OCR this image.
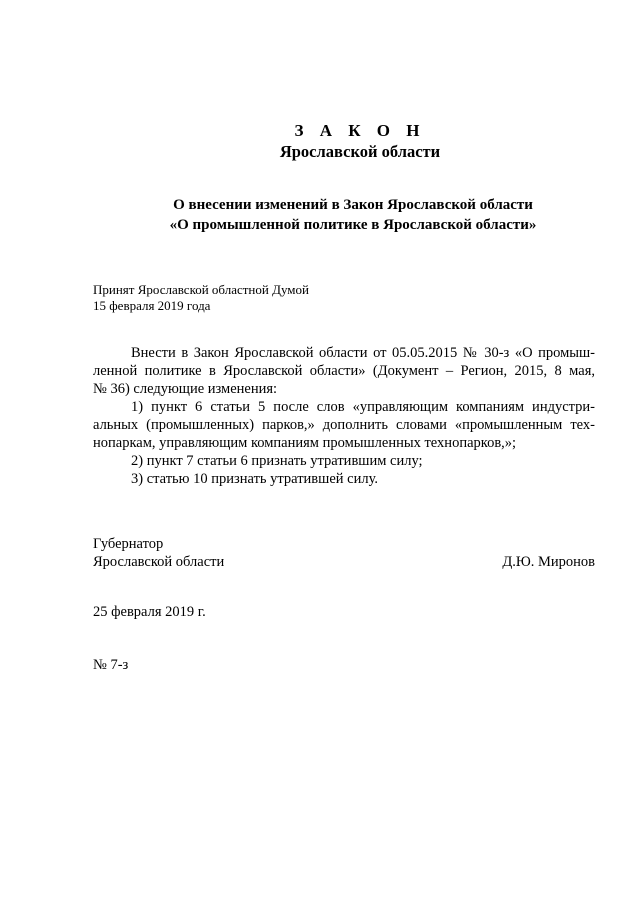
З А К О Н
Ярославской области
О внесении изменений в Закон Ярославской области
«О промышленной политике в Ярославской области»
Принят Ярославской областной Думой
15 февраля 2019 года
Внести в Закон Ярославской области от 05.05.2015 № 30-з «О промыш-
ленной политике в Ярославской области» (Документ – Регион, 2015, 8 мая,
№ 36) следующие изменения:
1) пункт 6 статьи 5 после слов «управляющим компаниям индустри-
альных (промышленных) парков,» дополнить словами «промышленным тех-
нопаркам, управляющим компаниям промышленных технопарков,»;
2) пункт 7 статьи 6 признать утратившим силу;
3) статью 10 признать утратившей силу.
Губернатор
Ярославской области	Д.Ю. Миронов
25 февраля 2019 г.
№ 7-з
